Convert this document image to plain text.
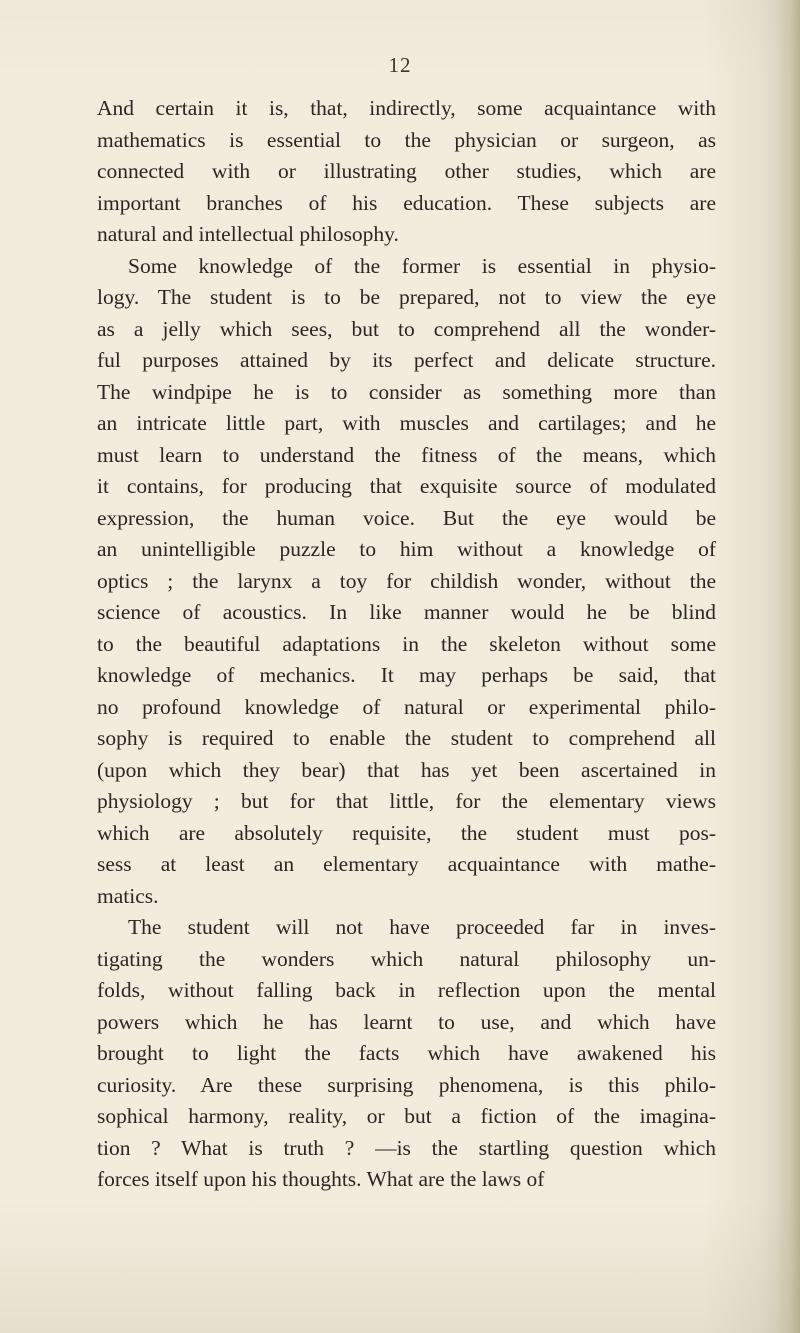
12
And certain it is, that, indirectly, some acquaintance with
mathematics is essential to the physician or surgeon, as
connected with or illustrating other studies, which are
important branches of his education. These subjects are
natural and intellectual philosophy.
Some knowledge of the former is essential in physio-
logy. The student is to be prepared, not to view the eye
as a jelly which sees, but to comprehend all the wonder-
ful purposes attained by its perfect and delicate structure.
The windpipe he is to consider as something more than
an intricate little part, with muscles and cartilages; and he
must learn to understand the fitness of the means, which
it contains, for producing that exquisite source of modulated
expression, the human voice. But the eye would be
an unintelligible puzzle to him without a knowledge of
optics ; the larynx a toy for childish wonder, without the
science of acoustics. In like manner would he be blind
to the beautiful adaptations in the skeleton without some
knowledge of mechanics. It may perhaps be said, that
no profound knowledge of natural or experimental philo-
sophy is required to enable the student to comprehend all
(upon which they bear) that has yet been ascertained in
physiology ; but for that little, for the elementary views
which are absolutely requisite, the student must pos-
sess at least an elementary acquaintance with mathe-
matics.
The student will not have proceeded far in inves-
tigating the wonders which natural philosophy un-
folds, without falling back in reflection upon the mental
powers which he has learnt to use, and which have
brought to light the facts which have awakened his
curiosity. Are these surprising phenomena, is this philo-
sophical harmony, reality, or but a fiction of the imagina-
tion ? What is truth ? —is the startling question which
forces itself upon his thoughts. What are the laws of
